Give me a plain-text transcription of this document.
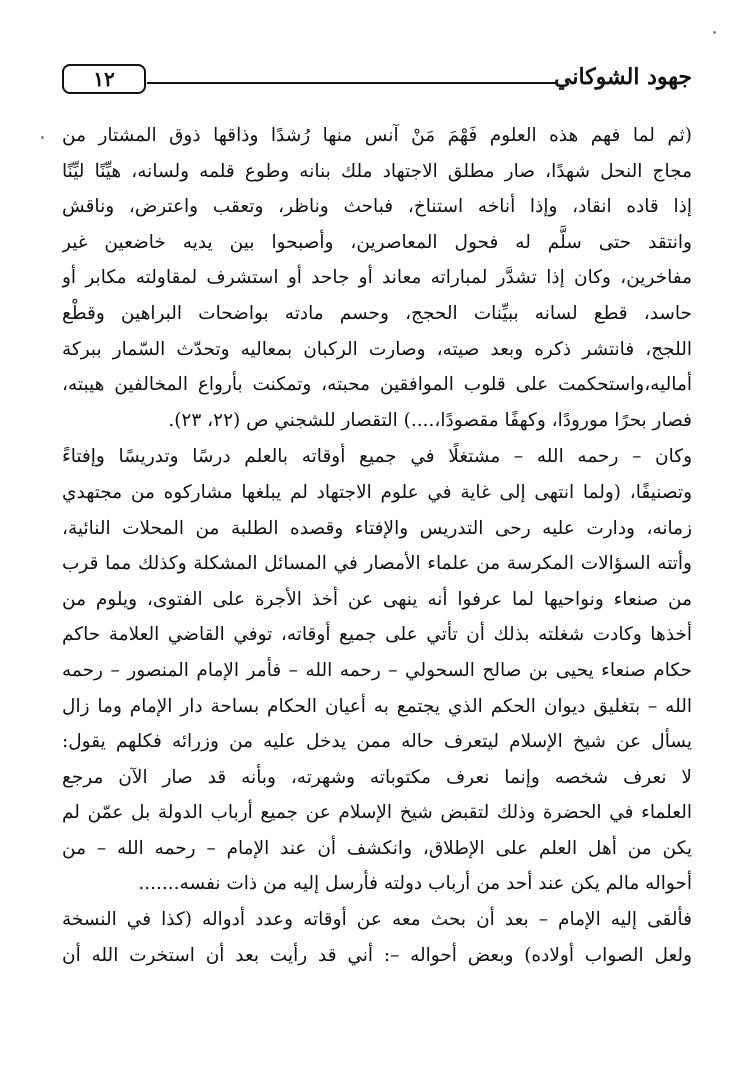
جهود الشوكاني
١٢
(ثم لما فهم هذه العلوم فَهْمَ مَنْ آنس منها رُشدًا وذاقها ذوق المشتار من
مجاج النحل شهدًا، صار مطلق الاجتهاد ملك بنانه وطوع قلمه ولسانه، هيِّنًا ليِّنًا
إذا قاده انقاد، وإذا أناخه استناخ، فباحث وناظر، وتعقب واعترض، وناقش
وانتقد حتى سلَّم له فحول المعاصرين، وأصبحوا بين يديه خاضعين غير
مفاخرين، وكان إذا تشدَّر لمباراته معاند أو جاحد أو استشرف لمقاولته مكابر أو
حاسد، قطع لسانه ببيِّنات الحجج، وحسم مادته بواضحات البراهين وقطْع
اللجج، فانتشر ذكره وبعد صيته، وصارت الركبان بمعاليه وتحدّث السّمار ببركة
أماليه،واستحكمت على قلوب الموافقين محبته، وتمكنت بأرواع المخالفين هيبته،
فصار بحرًا مورودًا، وكهفًا مقصودًا،....) التقصار للشجني ص (٢٢، ٢٣).
وكان – رحمه الله – مشتغلًا في جميع أوقاته بالعلم درسًا وتدريسًا وإفتاءً
وتصنيفًا، (ولما انتهى إلى غاية في علوم الاجتهاد لم يبلغها مشاركوه من مجتهدي
زمانه، ودارت عليه رحى التدريس والإفتاء وقصده الطلبة من المحلات النائية،
وأتته السؤالات المكرسة من علماء الأمصار في المسائل المشكلة وكذلك مما قرب
من صنعاء ونواحيها لما عرفوا أنه ينهى عن أخذ الأجرة على الفتوى، ويلوم من
أخذها وكادت شغلته بذلك أن تأتي على جميع أوقاته، توفي القاضي العلامة حاكم
حكام صنعاء يحيى بن صالح السحولي – رحمه الله – فأمر الإمام المنصور – رحمه
الله – بتغليق ديوان الحكم الذي يجتمع به أعيان الحكام بساحة دار الإمام وما زال
يسأل عن شيخ الإسلام ليتعرف حاله ممن يدخل عليه من وزرائه فكلهم يقول:
لا نعرف شخصه وإنما نعرف مكتوباته وشهرته، وبأنه قد صار الآن مرجع
العلماء في الحضرة وذلك لتقبض شيخ الإسلام عن جميع أرباب الدولة بل عمّن لم
يكن من أهل العلم على الإطلاق، وانكشف أن عند الإمام – رحمه الله – من
أحواله مالم يكن عند أحد من أرباب دولته فأرسل إليه من ذات نفسه.......
فألقى إليه الإمام – بعد أن بحث معه عن أوقاته وعدد أدواله (كذا في النسخة
ولعل الصواب أولاده) وبعض أحواله –: أني قد رأيت بعد أن استخرت الله أن
